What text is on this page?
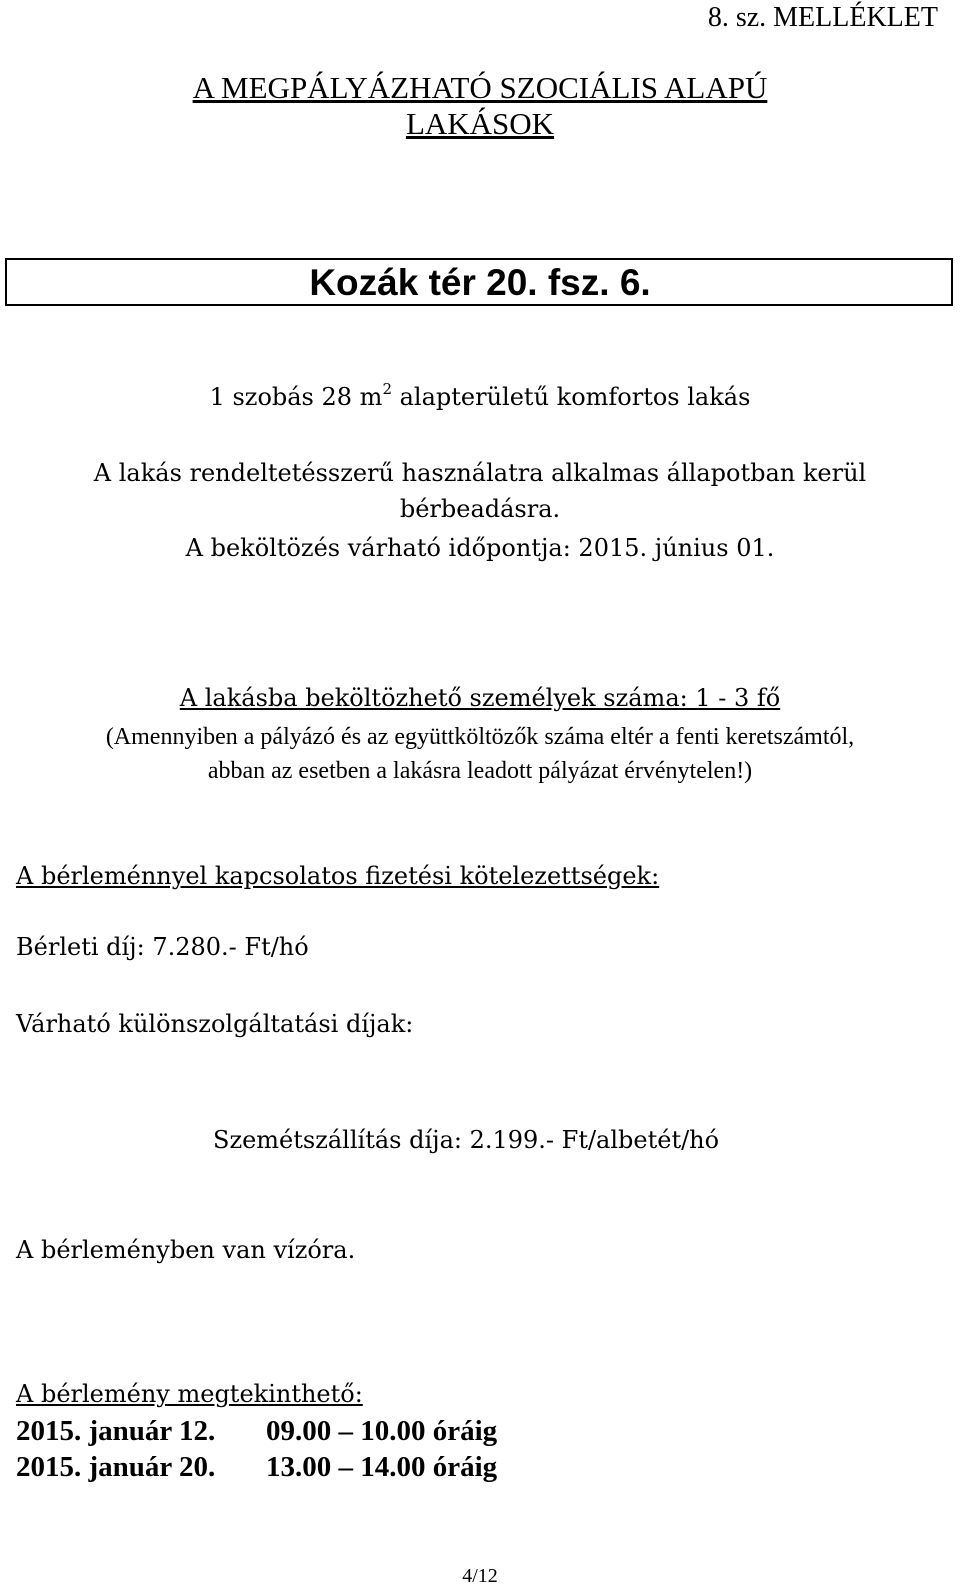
8. sz. MELLÉKLET
A MEGPÁLYÁZHATÓ SZOCIÁLIS ALAPÚ
LAKÁSOK
Kozák tér 20. fsz. 6.
1 szobás 28 $m^2$ alapterületű komfortos lakás
A lakás rendeltetésszerű használatra alkalmas állapotban kerül
bérbeadásra.
A beköltözés várható időpontja: 2015. június 01.
A lakásba beköltözhető személyek száma: 1 - 3 fő
(Amennyiben a pályázó és az együttköltözők száma eltér a fenti keretszámtól,
abban az esetben a lakásra leadott pályázat érvénytelen!)
A bérleménnyel kapcsolatos fizetési kötelezettségek:
Bérleti díj: 7.280.- Ft/hó
Várható különszolgáltatási díjak:
Szemétszállítás díja: 2.199.- Ft/albetét/hó
A bérleményben van vízóra.
A bérlemény megtekinthető:
2015. január 12. 09.00 – 10.00 óráig
2015. január 20. 13.00 – 14.00 óráig
4/12
